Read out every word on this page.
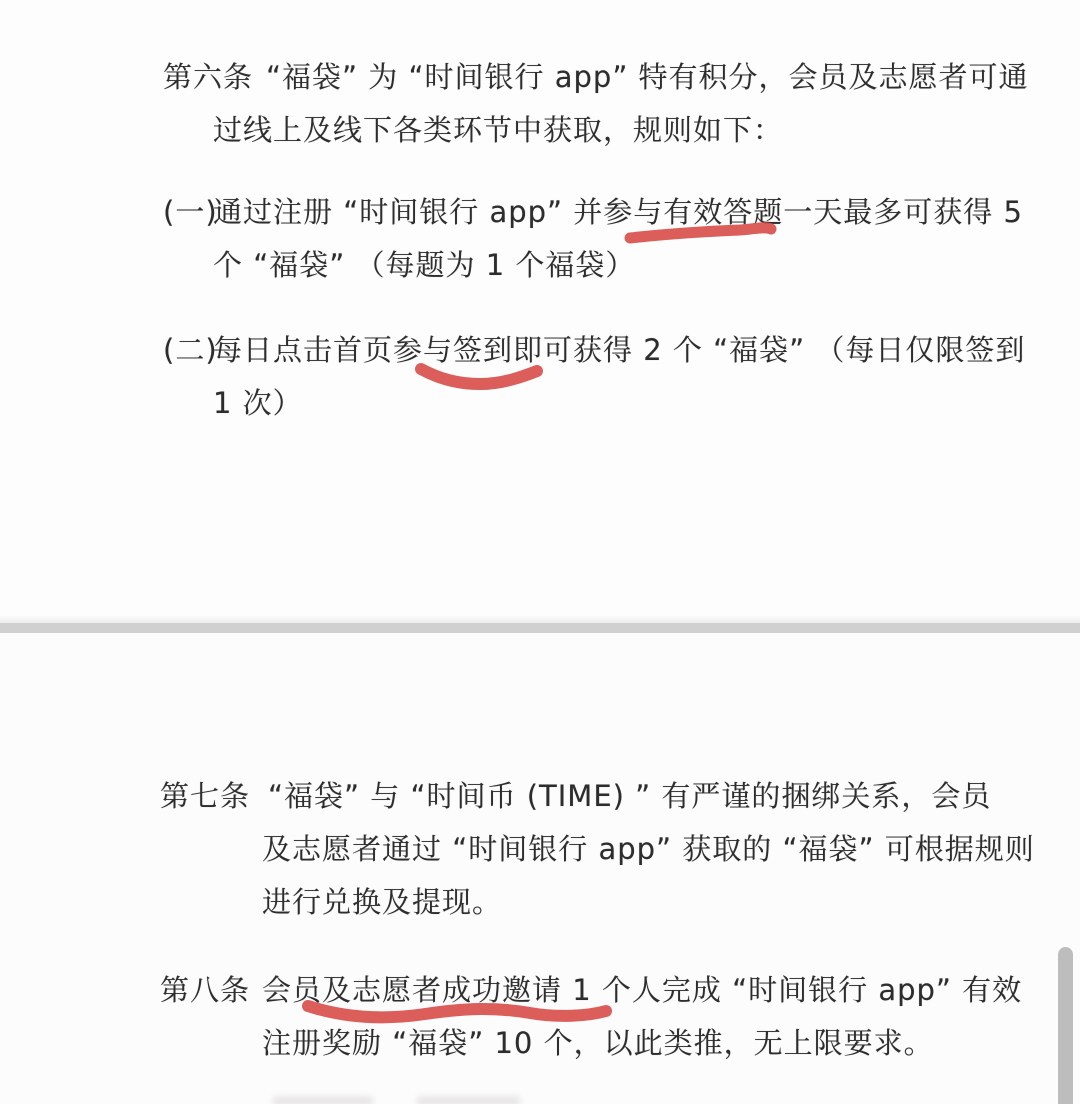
第六条 “福袋” 为 “时间银行 app” 特有积分，会员及志愿者可通
过线上及线下各类环节中获取，规则如下：
(一)
通过注册 “时间银行 app” 并参与有效答题一天最多可获得 5
个 “福袋” （每题为 1 个福袋）
(二)
每日点击首页参与签到即可获得 2 个 “福袋” （每日仅限签到
1 次）
第七条 “福袋” 与 “时间币 (TIME) ” 有严谨的捆绑关系，会员
及志愿者通过 “时间银行 app” 获取的 “福袋” 可根据规则
进行兑换及提现。
第八条 会员及志愿者成功邀请 1 个人完成 “时间银行 app” 有效
注册奖励 “福袋” 10 个，以此类推，无上限要求。
